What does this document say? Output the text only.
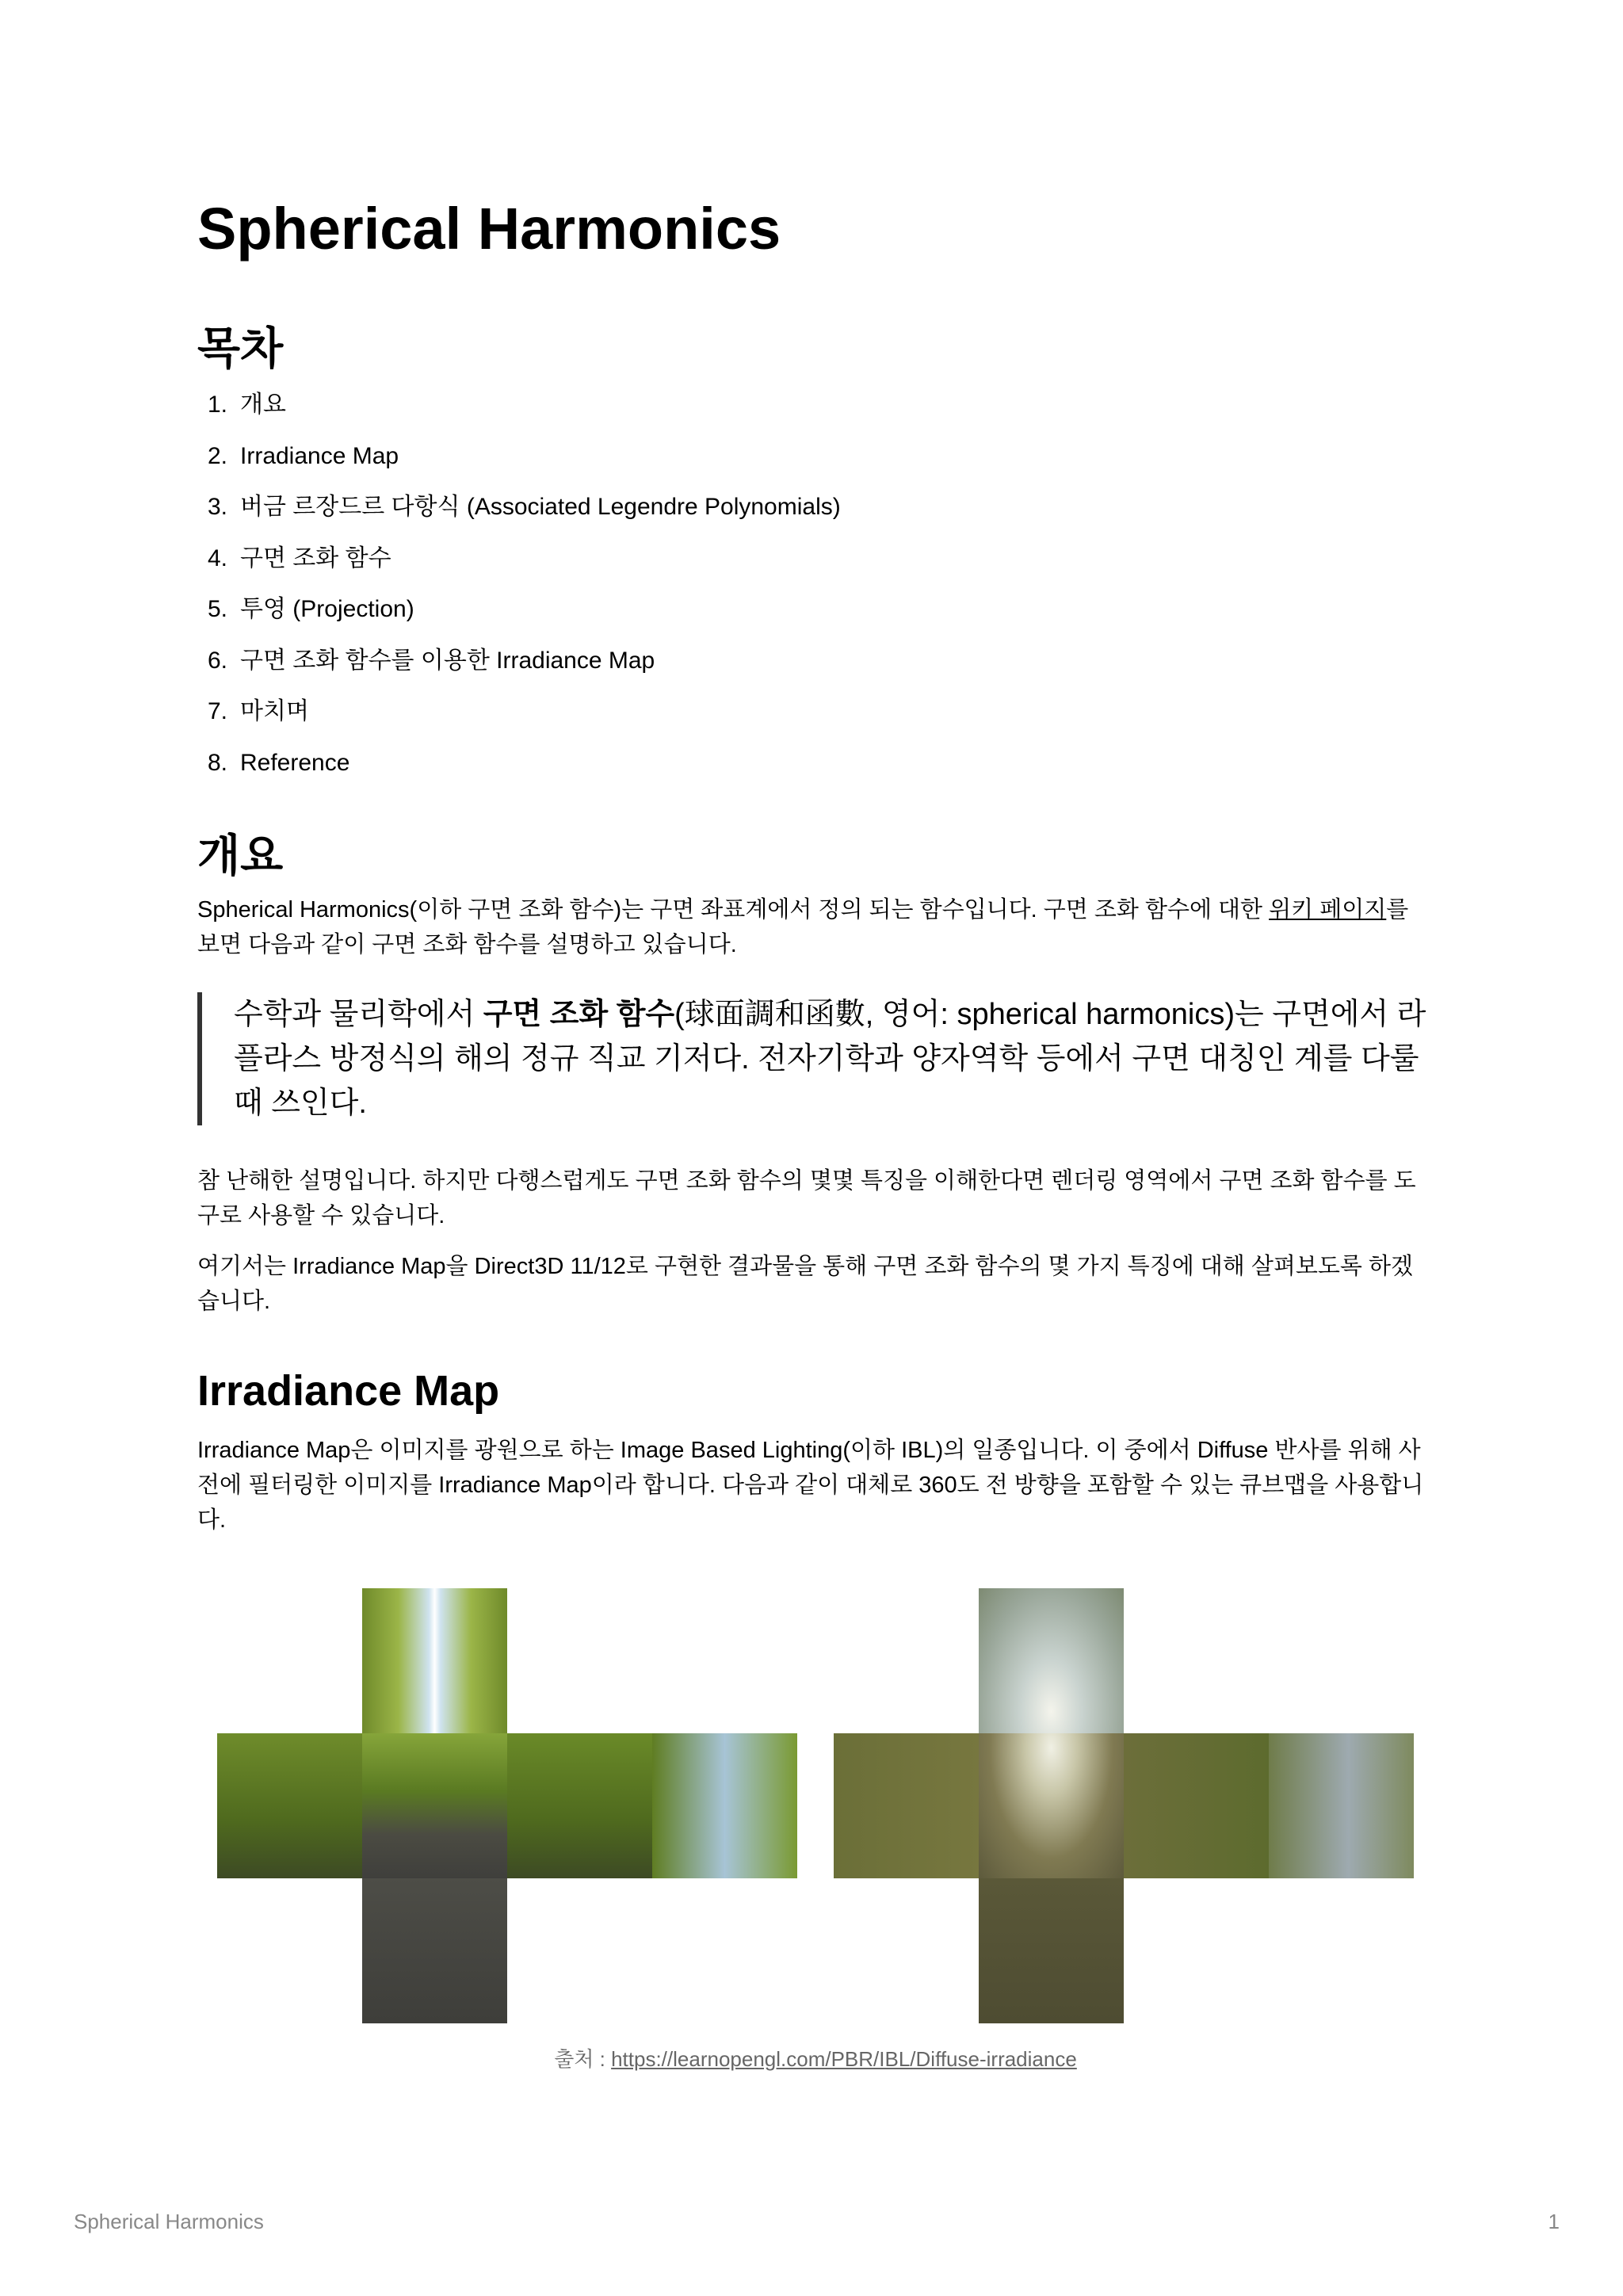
Spherical Harmonics
목차
1. 개요
2. Irradiance Map
3. 버금 르장드르 다항식 (Associated Legendre Polynomials)
4. 구면 조화 함수
5. 투영 (Projection)
6. 구면 조화 함수를 이용한 Irradiance Map
7. 마치며
8. Reference
개요

Spherical Harmonics(이하 구면 조화 함수)는 구면 좌표계에서 정의 되는 함수입니다. 구면 조화 함수에 대한 위키 페이지를 보면 다음과 같이 구면 조화 함수를 설명하고 있습니다.

수학과 물리학에서 구면 조화 함수(球面調和函數, 영어: spherical harmonics)는 구면에서 라플라스 방정식의 해의 정규 직교 기저다. 전자기학과 양자역학 등에서 구면 대칭인 계를 다룰 때 쓰인다.

참 난해한 설명입니다. 하지만 다행스럽게도 구면 조화 함수의 몇몇 특징을 이해한다면 렌더링 영역에서 구면 조화 함수를 도구로 사용할 수 있습니다.

여기서는 Irradiance Map을 Direct3D 11/12로 구현한 결과물을 통해 구면 조화 함수의 몇 가지 특징에 대해 살펴보도록 하겠습니다.

Irradiance Map

Irradiance Map은 이미지를 광원으로 하는 Image Based Lighting(이하 IBL)의 일종입니다. 이 중에서 Diffuse 반사를 위해 사전에 필터링한 이미지를 Irradiance Map이라 합니다. 다음과 같이 대체로 360도 전 방향을 포함할 수 있는 큐브맵을 사용합니다.

출처 : https://learnopengl.com/PBR/IBL/Diffuse-irradiance
Spherical Harmonics	1
